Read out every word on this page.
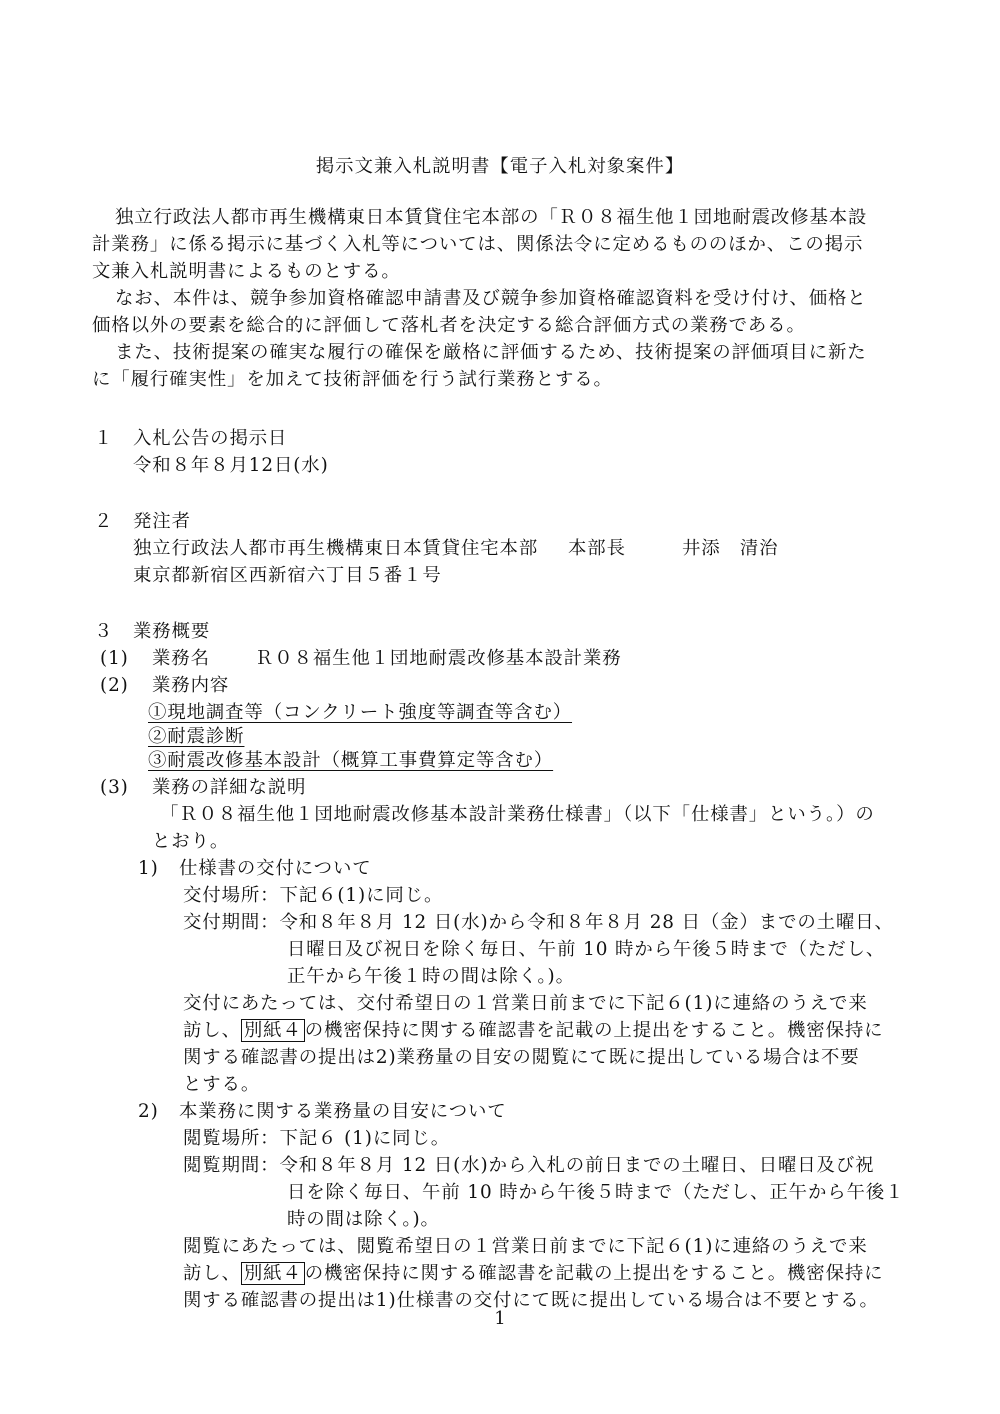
掲示文兼入札説明書【電子入札対象案件】
独立行政法人都市再生機構東日本賃貸住宅本部の「Ｒ０８福生他１団地耐震改修基本設
計業務」に係る掲示に基づく入札等については、関係法令に定めるもののほか、この掲示
文兼入札説明書によるものとする。
なお、本件は、競争参加資格確認申請書及び競争参加資格確認資料を受け付け、価格と
価格以外の要素を総合的に評価して落札者を決定する総合評価方式の業務である。
また、技術提案の確実な履行の確保を厳格に評価するため、技術提案の評価項目に新た
に「履行確実性」を加えて技術評価を行う試行業務とする。
１ 入札公告の掲示日
令和８年８月12日(水)
２ 発注者
独立行政法人都市再生機構東日本賃貸住宅本部 本部長	井添　清治
東京都新宿区西新宿六丁目５番１号
３ 業務概要
(1) 業務名 Ｒ０８福生他１団地耐震改修基本設計業務
(2) 業務内容
①現地調査等（コンクリート強度等調査等含む）
②耐震診断
③耐震改修基本設計（概算工事費算定等含む）
(3) 業務の詳細な説明
「Ｒ０８福生他１団地耐震改修基本設計業務仕様書」（以下「仕様書」という。）の
とおり。
1) 仕様書の交付について
交付場所：下記６(1)に同じ。
交付期間：令和８年８月 12 日(水)から令和８年８月 28 日（金）までの土曜日、
日曜日及び祝日を除く毎日、午前 10 時から午後５時まで（ただし、
正午から午後１時の間は除く。)。
交付にあたっては、交付希望日の１営業日前までに下記６(1)に連絡のうえで来
訪し、 別紙４ の機密保持に関する確認書を記載の上提出をすること。機密保持に
関する確認書の提出は2)業務量の目安の閲覧にて既に提出している場合は不要
とする。
2) 本業務に関する業務量の目安について
閲覧場所：下記６ (1)に同じ。
閲覧期間：令和８年８月 12 日(水)から入札の前日までの土曜日、日曜日及び祝
日を除く毎日、午前 10 時から午後５時まで（ただし、正午から午後１
時の間は除く。)。
閲覧にあたっては、閲覧希望日の１営業日前までに下記６(1)に連絡のうえで来
訪し、 別紙４ の機密保持に関する確認書を記載の上提出をすること。機密保持に
関する確認書の提出は1)仕様書の交付にて既に提出している場合は不要とする。
1
